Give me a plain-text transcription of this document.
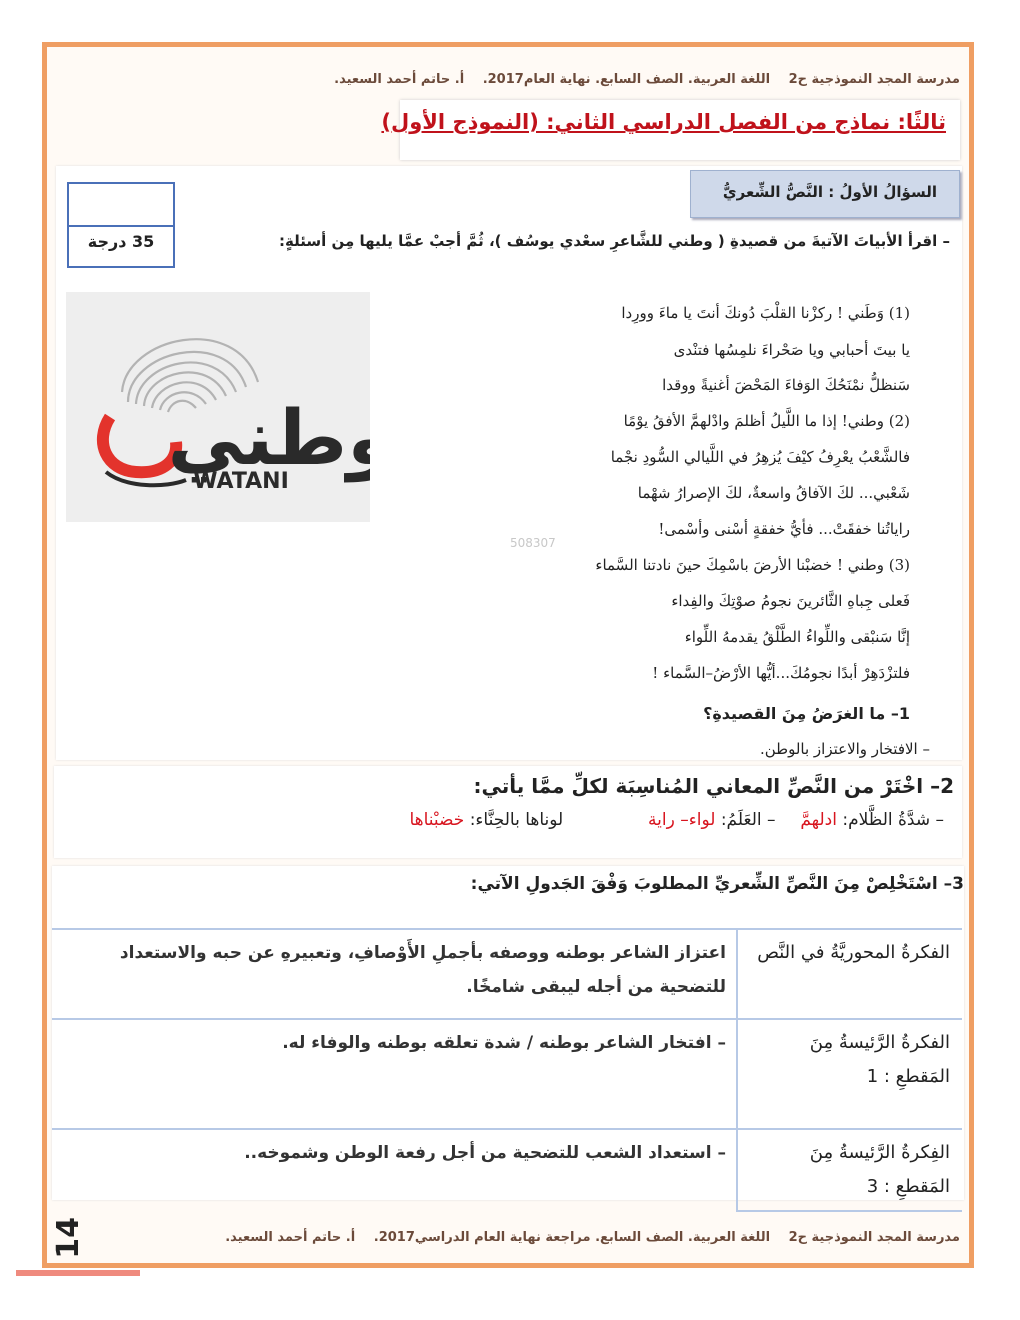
مدرسة المجد النموذجية ح2 اللغة العربية. الصف السابع. نهاية العام2017. أ. حاتم أحمد السعيد.
ثالثًا: نماذج من الفصل الدراسي الثاني: (النموذج الأول)
السؤالُ الأولُ : النَّصُّ الشِّعريُّ
35 درجة	– اقرأ الأبياتَ الآتيةَ من قصيدةِ ( وطني للشَّاعرِ سعْدي يوسُف )، ثُمَّ أجبْ عمَّا يليها مِن أسئلةٍ:
طني
WATANI
(1) وَطَني ! ركزْنا القلْبَ دُونكَ أنتَ يا ماءَ وورِدا
يا بيتَ أحبابي ويا صَحْراءَ نلمِسُها فتنْدى
سَنظلُّ نمْنَحُكَ الوَفاءَ المَحْضَ أغنيةً ووقدا
(2) وطني! إذا ما اللَّيلُ أظلمَ وادْلهمَّ الأفقُ يوْمًا
فالشَّعْبُ يعْرِفُ كيْفَ يُزهِرُ في اللَّيالي السُّودِ نجْما
شَعْبي... لكَ الآفاقُ واسعةٌ، لكَ الإصرارُ شهْما
راياتُنا خفقَتْ... فأيُّ خفقةٍ أسْنى وأسْمى!
508307
(3) وطني ! خضبْنا الأرضَ باسْمِكَ حينَ نادتنا السَّماء
فَعلى جِباهِ الثَّائرينَ نجومُ صوْتِكَ والفِداء
إنَّا سَنبْقى واللِّواءُ الطَّلْقُ يقدمهُ اللِّواء
فلتزْدَهِرْ أبدًا نجومُكَ...أيُّها الأرْضُ–السَّماء !
1– ما الغرَضُ مِنَ القصيدةِ؟
– الافتخار والاعتزاز بالوطن.
2– اخْتَرْ من النَّصِّ المعاني المُناسِبَة لكلِّ ممَّا يأتي:
– شدَّةُ الظَّلام: ادلهمَّ  – العَلَمُ: لواء– راية  لوناها بالحِنَّاء: خضبْناها
3– اسْتَخْلِصْ مِنَ النَّصِّ الشِّعريِّ المطلوبَ وَفْقَ الجَدولِ الآتي:
الفكرةُ المحوريَّةُ في النَّص	اعتزاز الشاعر بوطنه ووصفه بأجملِ الأَوْصافِ، وتعبيرهِ عن حبه والاستعداد للتضحية من أجله ليبقى شامخًا.
الفكرةُ الرَّئيسةُ مِنَ المَقطعِ : 1	– افتخار الشاعر بوطنه / شدة تعلقه بوطنه والوفاء له.
الفِكرةُ الرَّئيسةُ مِنَ المَقطعِ : 3	– استعداد الشعب للتضحية من أجل رفعة الوطن وشموخه..
مدرسة المجد النموذجية ح2 اللغة العربية. الصف السابع. مراجعة نهاية العام الدراسي2017. أ. حاتم أحمد السعيد.
14
